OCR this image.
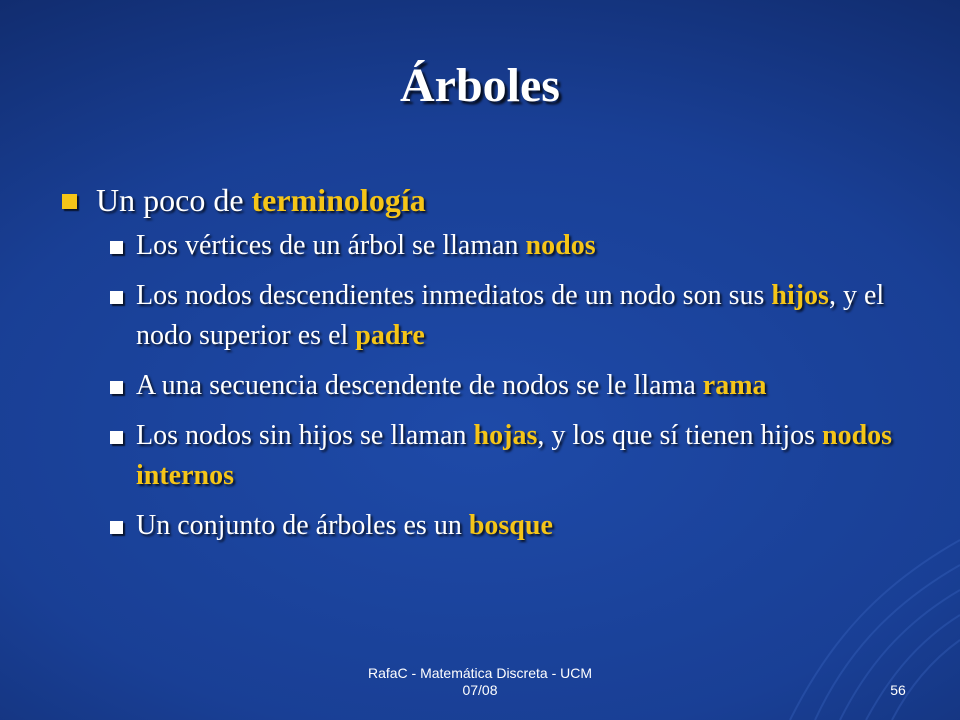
Árboles
Un poco de terminología
Los vértices de un árbol se llaman nodos
Los nodos descendientes inmediatos de un nodo son sus hijos, y el nodo superior es el padre
A una secuencia descendente de nodos se le llama rama
Los nodos sin hijos se llaman hojas, y los que sí tienen hijos nodos internos
Un conjunto de árboles es un bosque
RafaC - Matemática Discreta - UCM
07/08	56
